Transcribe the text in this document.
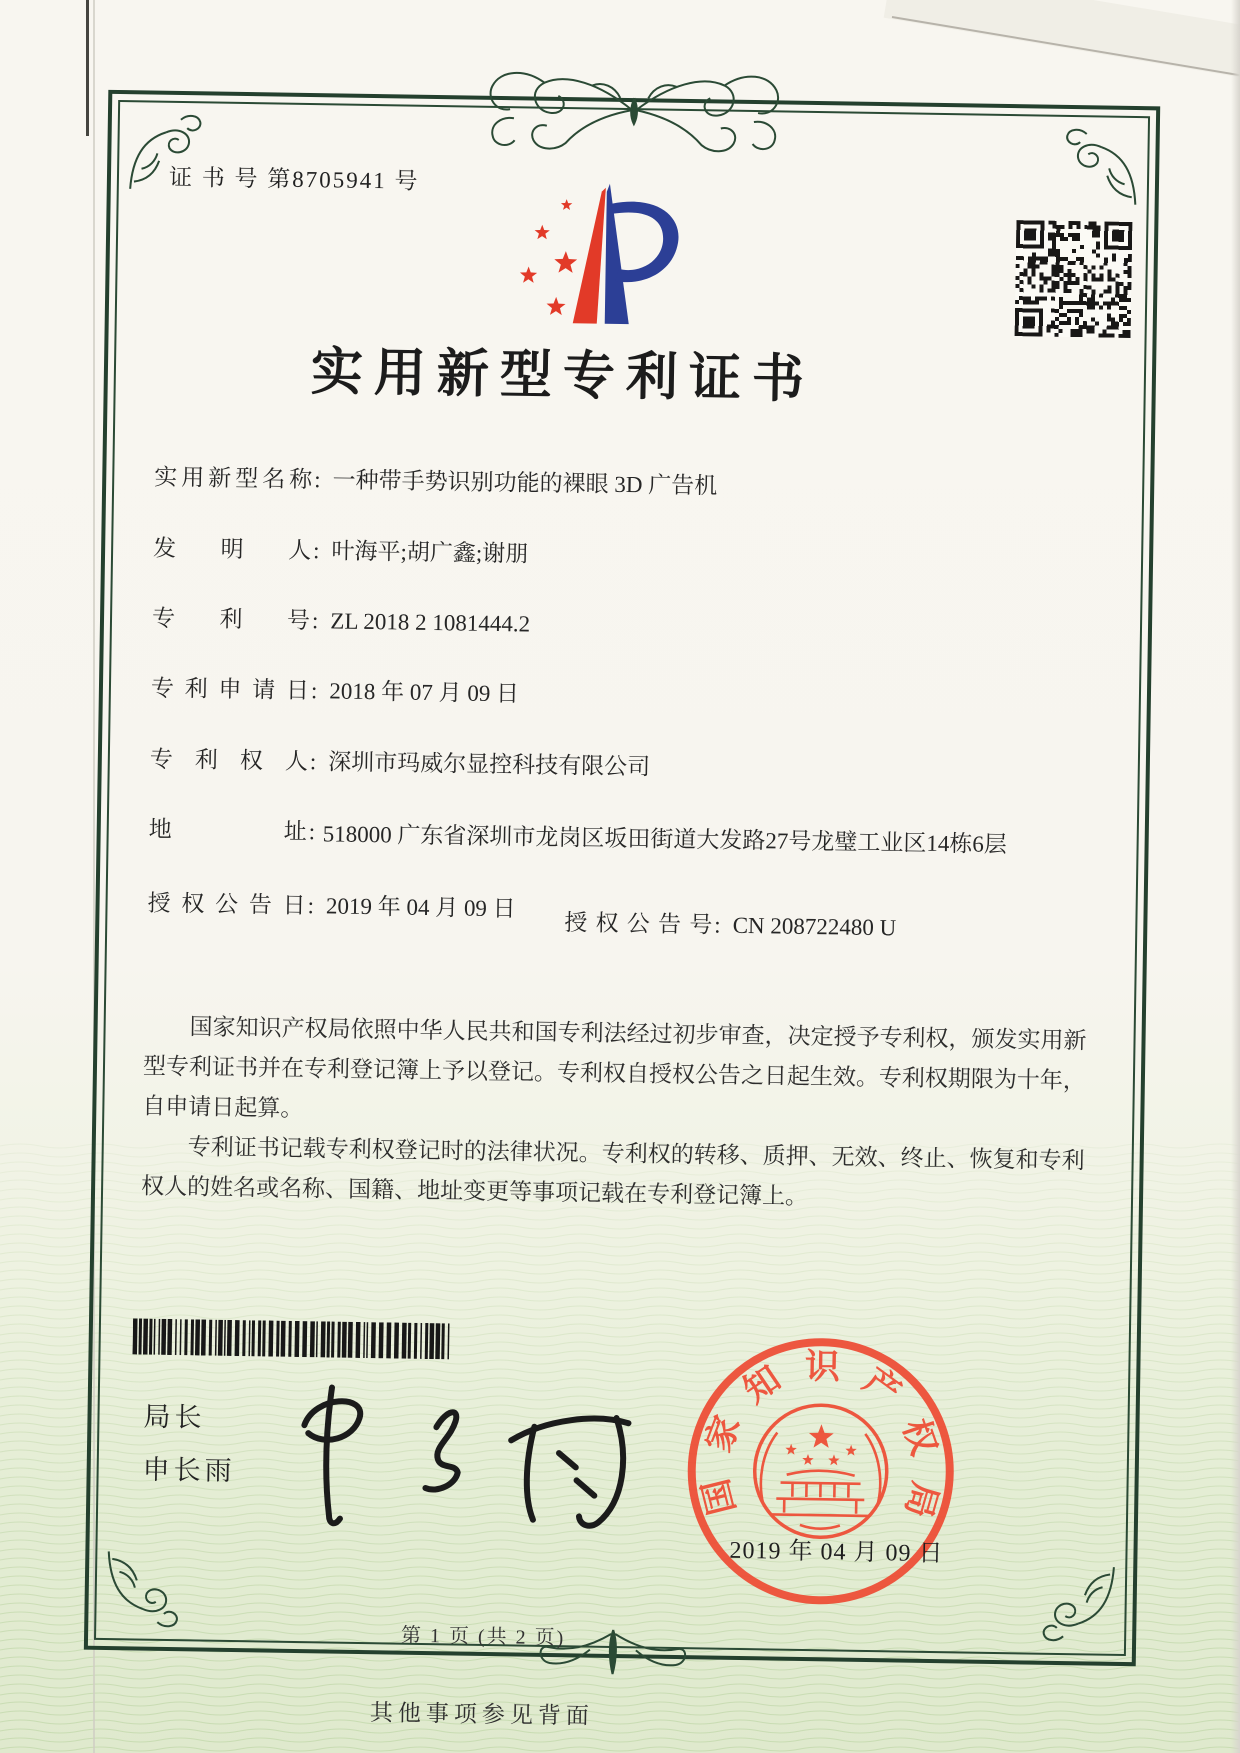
证 书 号 第8705941 号
实用新型专利证书
实用新型名称: 一种带手势识别功能的裸眼 3D 广告机
发明人: 叶海平;胡广鑫;谢朋
专利号: ZL 2018 2 1081444.2
专利申请日: 2018 年 07 月 09 日
专利权人: 深圳市玛威尔显控科技有限公司
地址: 518000 广东省深圳市龙岗区坂田街道大发路27号龙璧工业区14栋6层
授权公告日: 2019 年 04 月 09 日
授权公告号: CN 208722480 U

国家知识产权局依照中华人民共和国专利法经过初步审查，决定授予专利权，颁发实用新型专利证书并在专利登记簿上予以登记。专利权自授权公告之日起生效。专利权期限为十年，自申请日起算。

专利证书记载专利权登记时的法律状况。专利权的转移、质押、无效、终止、恢复和专利权人的姓名或名称、国籍、地址变更等事项记载在专利登记簿上。

局长
申长雨
国
家
知 识 产
权
局
2019 年 04 月 09 日
第 1 页 (共 2 页)
其他事项参见背面
